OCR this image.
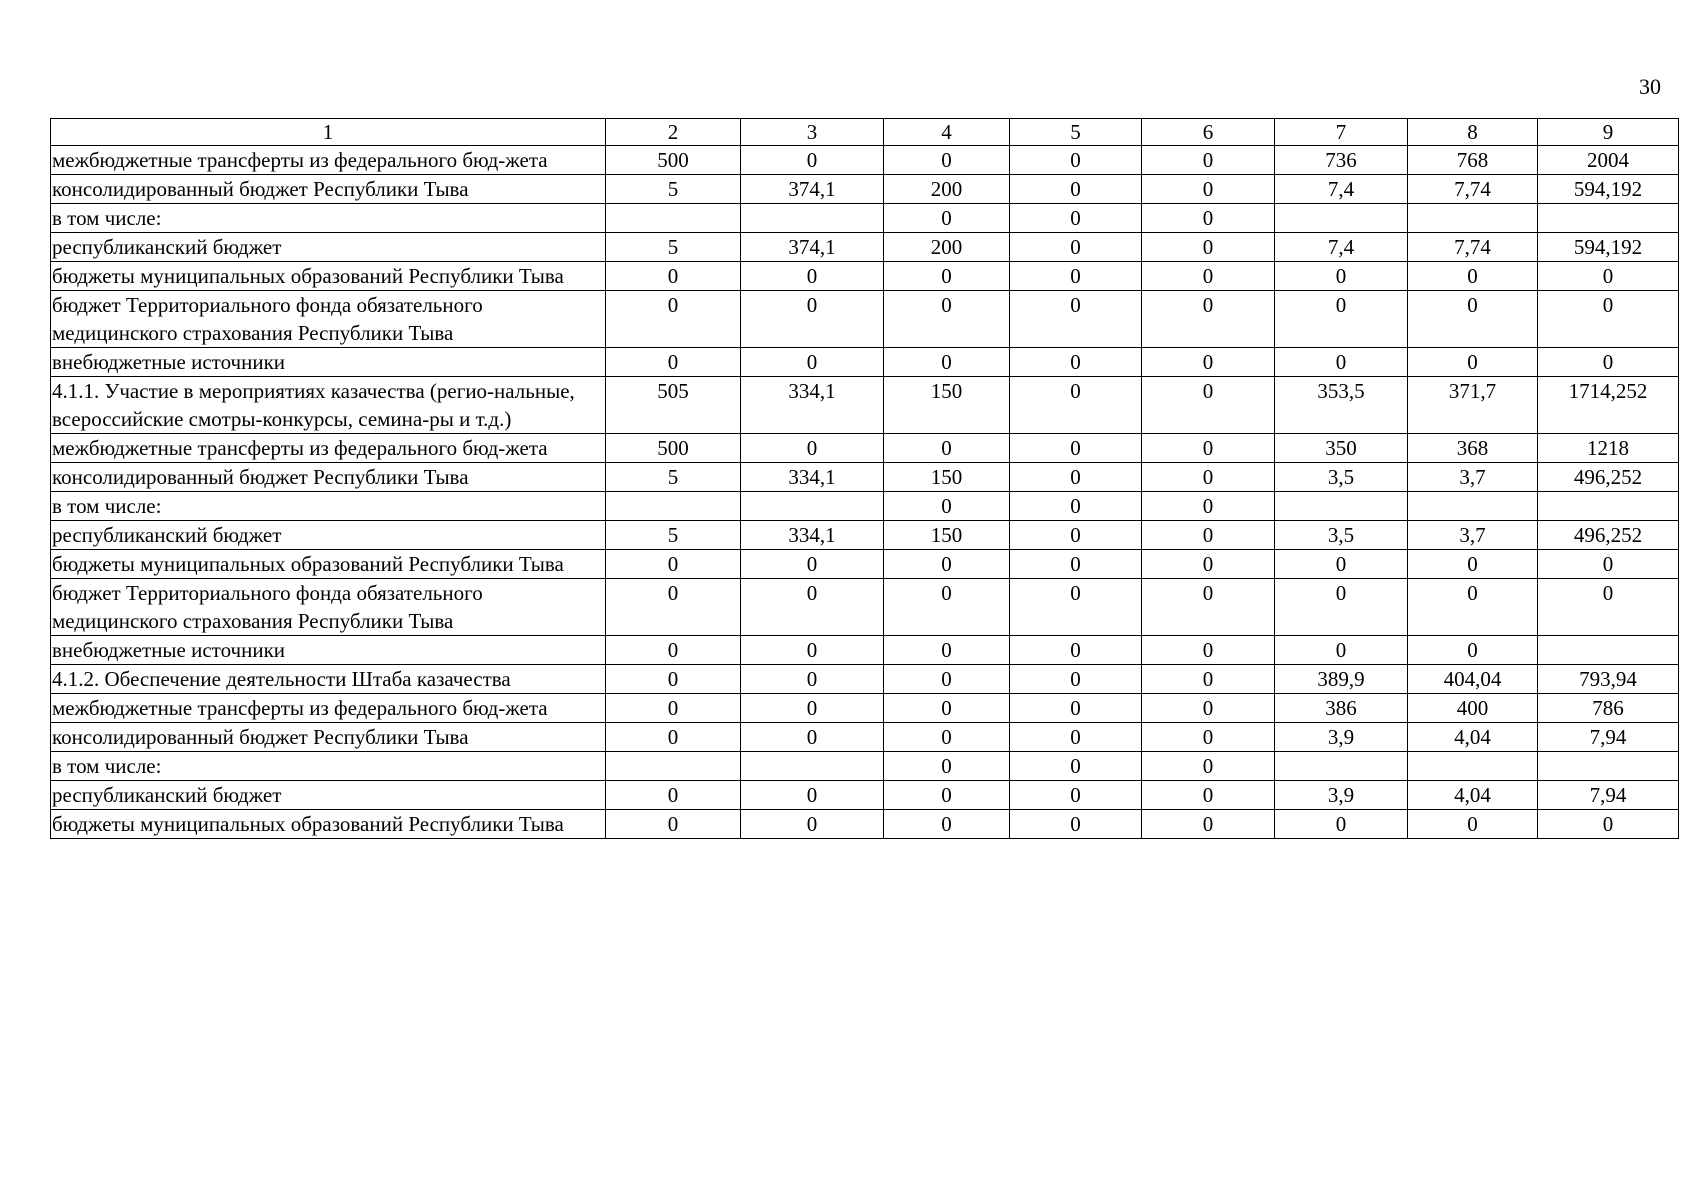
30
1	2	3	4	5	6	7	8	9
межбюджетные трансферты из федерального бюд-жета	500	0	0	0	0	736	768	2004
консолидированный бюджет Республики Тыва	5	374,1	200	0	0	7,4	7,74	594,192
в том числе:			0	0	0			
республиканский бюджет	5	374,1	200	0	0	7,4	7,74	594,192
бюджеты муниципальных образований Республики Тыва	0	0	0	0	0	0	0	0
бюджет Территориального фонда обязательного медицинского страхования Республики Тыва	0	0	0	0	0	0	0	0
внебюджетные источники	0	0	0	0	0	0	0	0
4.1.1. Участие в мероприятиях казачества (регио-нальные, всероссийские смотры-конкурсы, семина-ры и т.д.)	505	334,1	150	0	0	353,5	371,7	1714,252
межбюджетные трансферты из федерального бюд-жета	500	0	0	0	0	350	368	1218
консолидированный бюджет Республики Тыва	5	334,1	150	0	0	3,5	3,7	496,252
в том числе:			0	0	0			
республиканский бюджет	5	334,1	150	0	0	3,5	3,7	496,252
бюджеты муниципальных образований Республики Тыва	0	0	0	0	0	0	0	0
бюджет Территориального фонда обязательного медицинского страхования Республики Тыва	0	0	0	0	0	0	0	0
внебюджетные источники	0	0	0	0	0	0	0	
4.1.2. Обеспечение деятельности Штаба казачества	0	0	0	0	0	389,9	404,04	793,94
межбюджетные трансферты из федерального бюд-жета	0	0	0	0	0	386	400	786
консолидированный бюджет Республики Тыва	0	0	0	0	0	3,9	4,04	7,94
в том числе:			0	0	0			
республиканский бюджет	0	0	0	0	0	3,9	4,04	7,94
бюджеты муниципальных образований Республики Тыва	0	0	0	0	0	0	0	0
